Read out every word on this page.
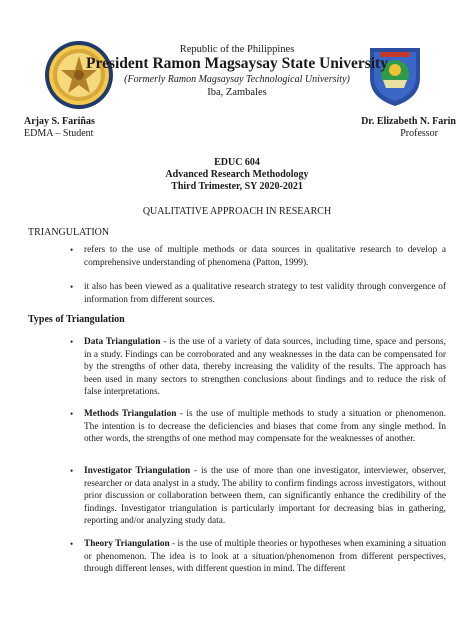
Republic of the Philippines
President Ramon Magsaysay State University
(Formerly Ramon Magsaysay Technological University)
Iba, Zambales
Arjay S. Fariñas	Dr. Elizabeth N. Farin
EDMA – Student	Professor
EDUC 604
Advanced Research Methodology
Third Trimester, SY 2020-2021
QUALITATIVE APPROACH IN RESEARCH
TRIANGULATION
• refers to the use of multiple methods or data sources in qualitative research to develop a comprehensive understanding of phenomena (Patton, 1999).
• it also has been viewed as a qualitative research strategy to test validity through convergence of information from different sources.
Types of Triangulation
• Data Triangulation - is the use of a variety of data sources, including time, space and persons, in a study. Findings can be corroborated and any weaknesses in the data can be compensated for by the strengths of other data, thereby increasing the validity of the results. The approach has been used in many sectors to strengthen conclusions about findings and to reduce the risk of false interpretations.
• Methods Triangulation - is the use of multiple methods to study a situation or phenomenon. The intention is to decrease the deficiencies and biases that come from any single method. In other words, the strengths of one method may compensate for the weaknesses of another.
• Investigator Triangulation - is the use of more than one investigator, interviewer, observer, researcher or data analyst in a study. The ability to confirm findings across investigators, without prior discussion or collaboration between them, can significantly enhance the credibility of the findings. Investigator triangulation is particularly important for decreasing bias in gathering, reporting and/or analyzing study data.
• Theory Triangulation - is the use of multiple theories or hypotheses when examining a situation or phenomenon. The idea is to look at a situation/phenomenon from different perspectives, through different lenses, with different question in mind. The different
